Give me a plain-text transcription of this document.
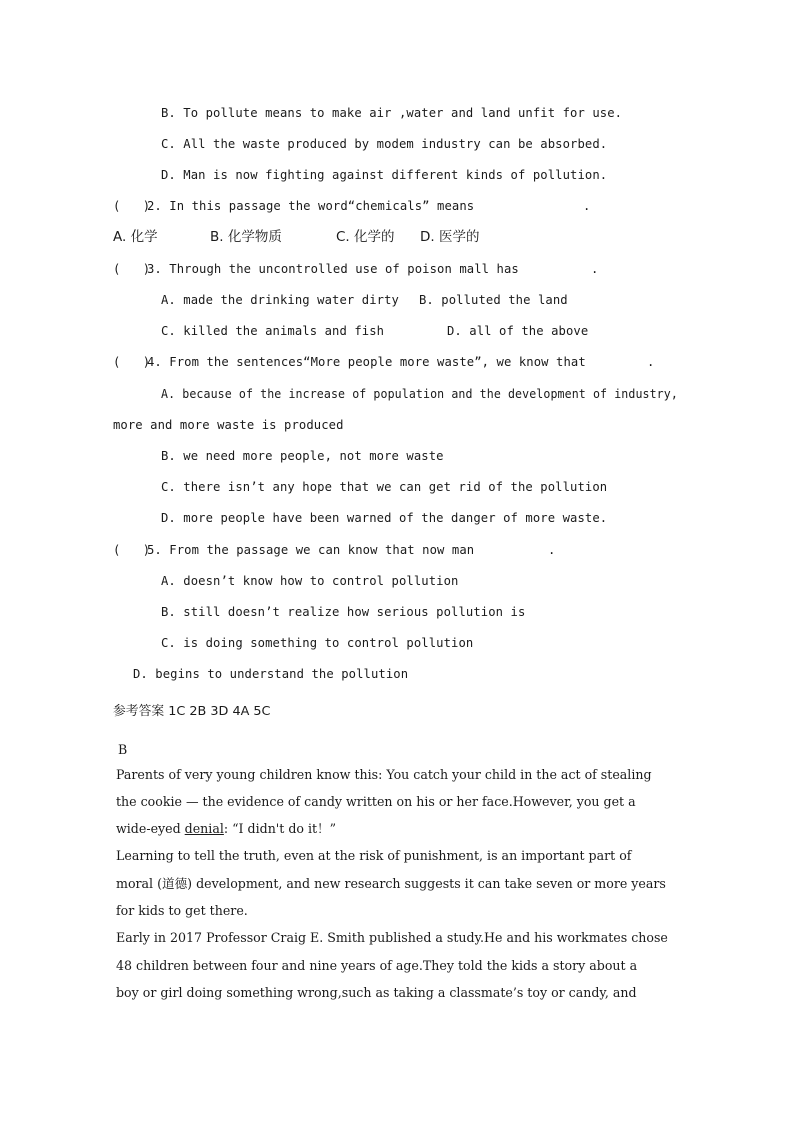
B. To pollute means to make air ,water and land unfit for use.
C. All the waste produced by modem industry can be absorbed.
D. Man is now fighting against different kinds of pollution.
(   )
2. In this passage the word“chemicals” means	.
A. 化学	B. 化学物质	C. 化学的 D. 医学的
(   )
3. Through the uncontrolled use of poison mall has	.
A. made the drinking water dirty B. polluted the land
C. killed the animals and fish	D. all of the above
(   )
4. From the sentences“More people more waste”, we know that	.
A. because of the increase of population and the development of industry,
more and more waste is produced
B. we need more people, not more waste
C. there isn’t any hope that we can get rid of the pollution
D. more people have been warned of the danger of more waste.
(   )
5. From the passage we can know that now man	.
A. doesn’t know how to control pollution
B. still doesn’t realize how serious pollution is
C. is doing something to control pollution
D. begins to understand the pollution
参考答案 1C 2B 3D 4A 5C
B
Parents of very young children know this: You catch your child in the act of stealing
the cookie — the evidence of candy written on his or her face.However, you get a
wide-eyed denial: “I didn't do it！”
Learning to tell the truth, even at the risk of punishment, is an important part of
moral (道德) development, and new research suggests it can take seven or more years
for kids to get there.
Early in 2017 Professor Craig E. Smith published a study.He and his workmates chose
48 children between four and nine years of age.They told the kids a story about a
boy or girl doing something wrong,such as taking a classmate’s toy or candy, and
